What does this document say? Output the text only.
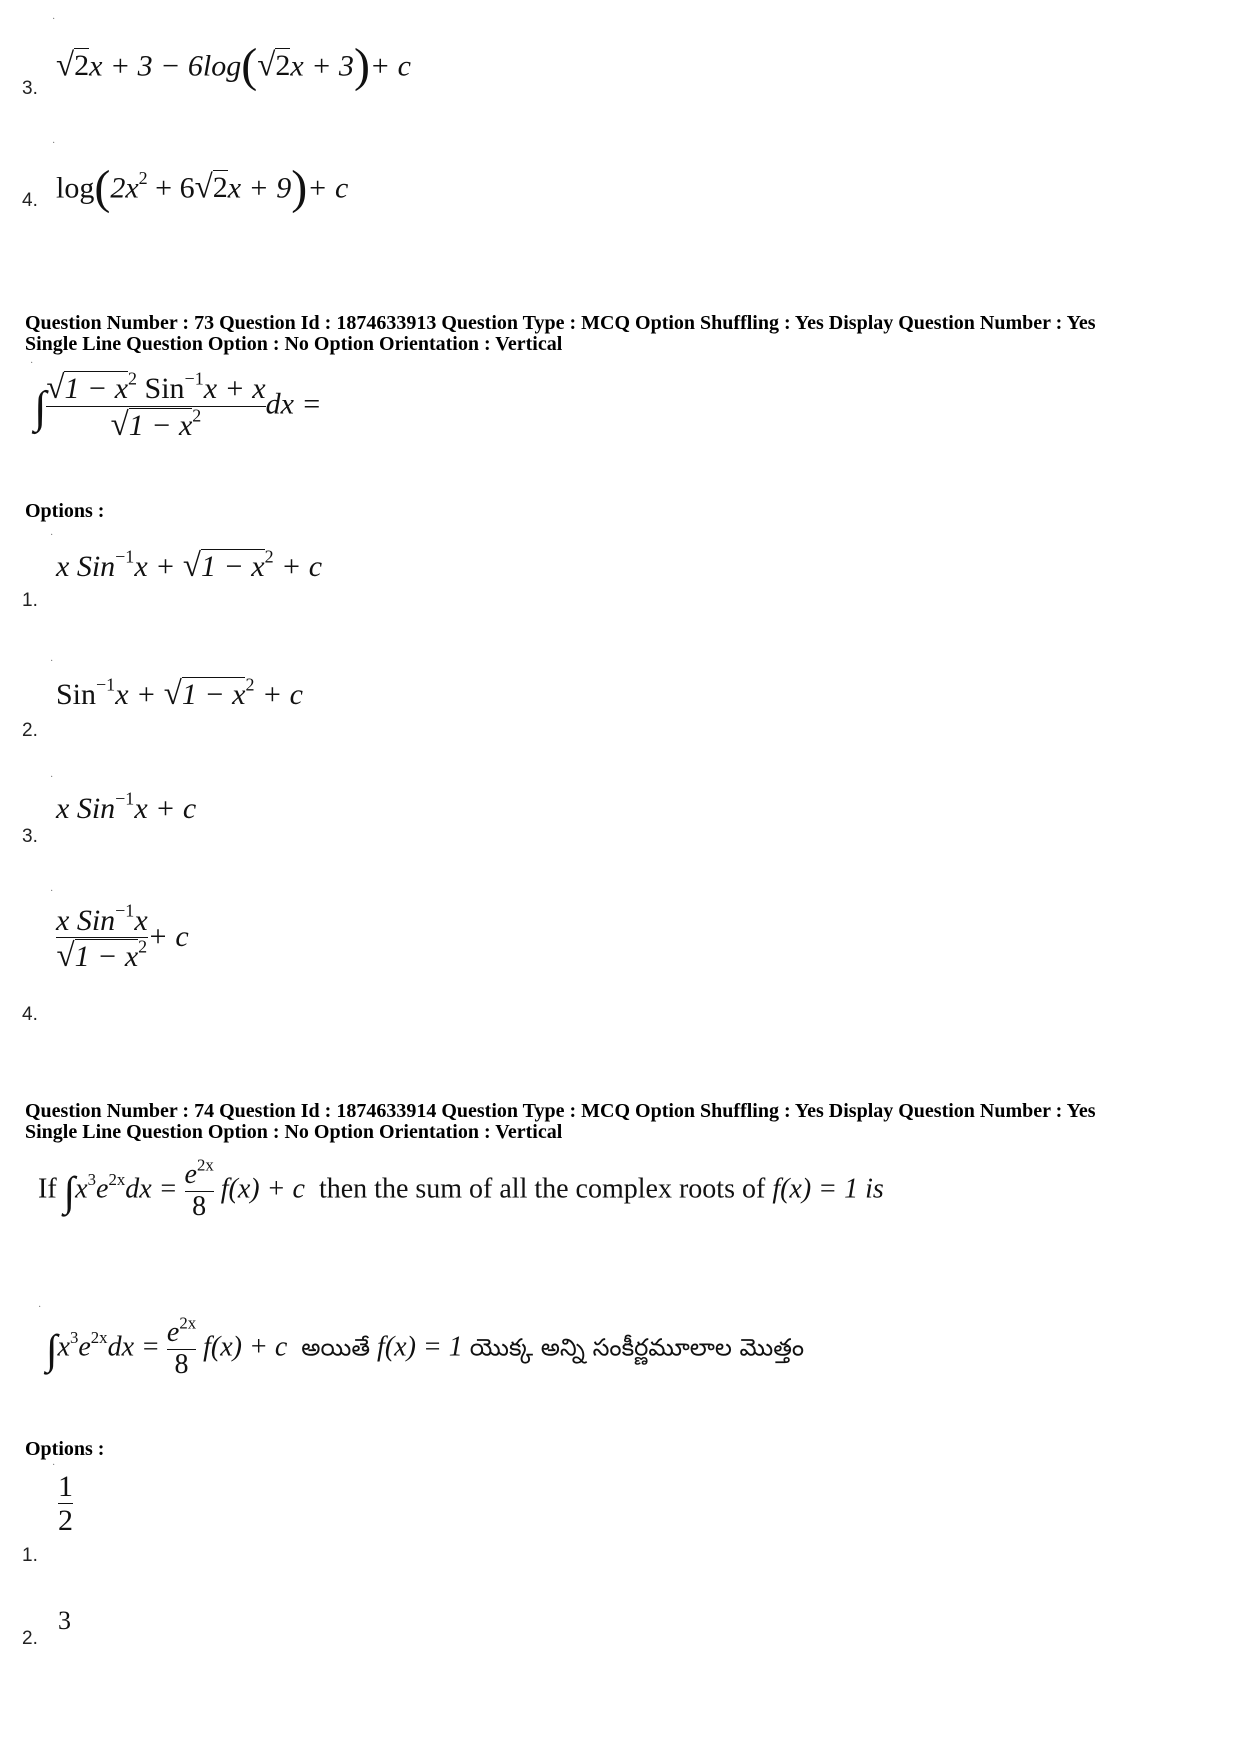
·
√2x + 3 − 6log(√2x + 3)+ c
3.
·
$\log(2x^2 + 6√2x + 9)+ c$
4.
Question Number : 73 Question Id : 1874633913 Question Type : MCQ Option Shuffling : Yes Display Question Number : Yes
Single Line Question Option : No Option Orientation : Vertical
·
∫ $\frac{√1 - x^2 Sin^{-1}x + x}{√1 - x^2}$ dx =
Options :
·
x $Sin^{-1}x + √1 - x^2 + c$
1.
·
$Sin^{-1}x + √1 - x^2 + c$
2.
·
x Sin$^{-1}$x + c
3.
·
$\frac{x Sin^{-1}x}{√1 - x^2} + c$
4.
Question Number : 74 Question Id : 1874633914 Question Type : MCQ Option Shuffling : Yes Display Question Number : Yes
Single Line Question Option : No Option Orientation : Vertical
If $\int x^3e^{2x}dx = \frac{e^{2x}}{8} f(x) + c$ then the sum of all the complex roots of f(x) = 1 is
·
$\int x^3e^{2x}dx = \frac{e^{2x}}{8} f(x) + c$ అయితే f(x) = 1 యొక్క అన్ని సంకీర్ణమూలాల మొత్తం
Options :
·
$\frac{1}{2}$
1.
3
2.
